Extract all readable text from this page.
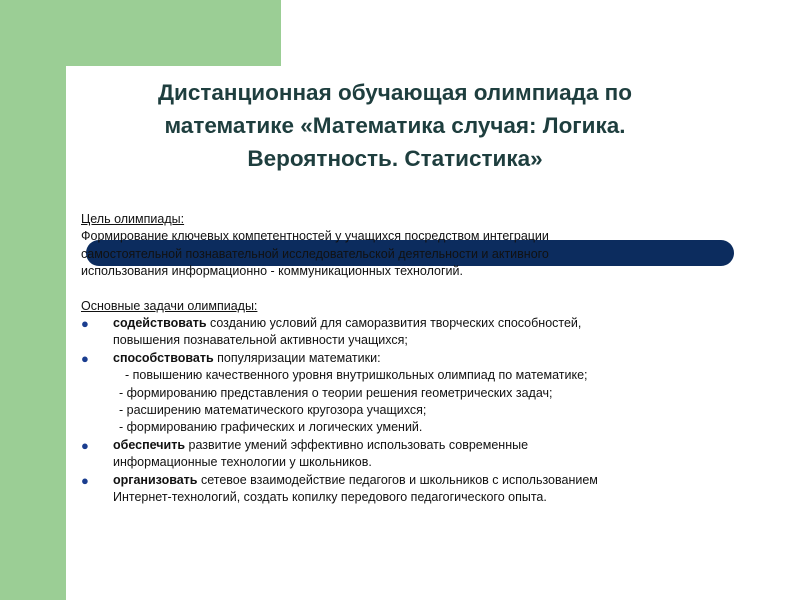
Дистанционная обучающая олимпиада по математике «Математика случая: Логика. Вероятность. Статистика»

Цель олимпиады:

Формирование ключевых компетентностей у учащихся посредством интеграции

самостоятельной познавательной исследовательской деятельности и активного

использования информационно - коммуникационных технологий.

Основные задачи олимпиады:

● содействовать созданию условий для саморазвития творческих способностей,

повышения познавательной активности учащихся;

● способствовать популяризации математики:

- повышению качественного уровня внутришкольных олимпиад по математике;

- формированию представления о теории решения геометрических задач;

- расширению математического кругозора учащихся;

- формированию графических и логических умений.

● обеспечить развитие умений эффективно использовать современные

информационные технологии у школьников.

● организовать сетевое взаимодействие педагогов и школьников с использованием

Интернет-технологий, создать копилку передового педагогического опыта.
